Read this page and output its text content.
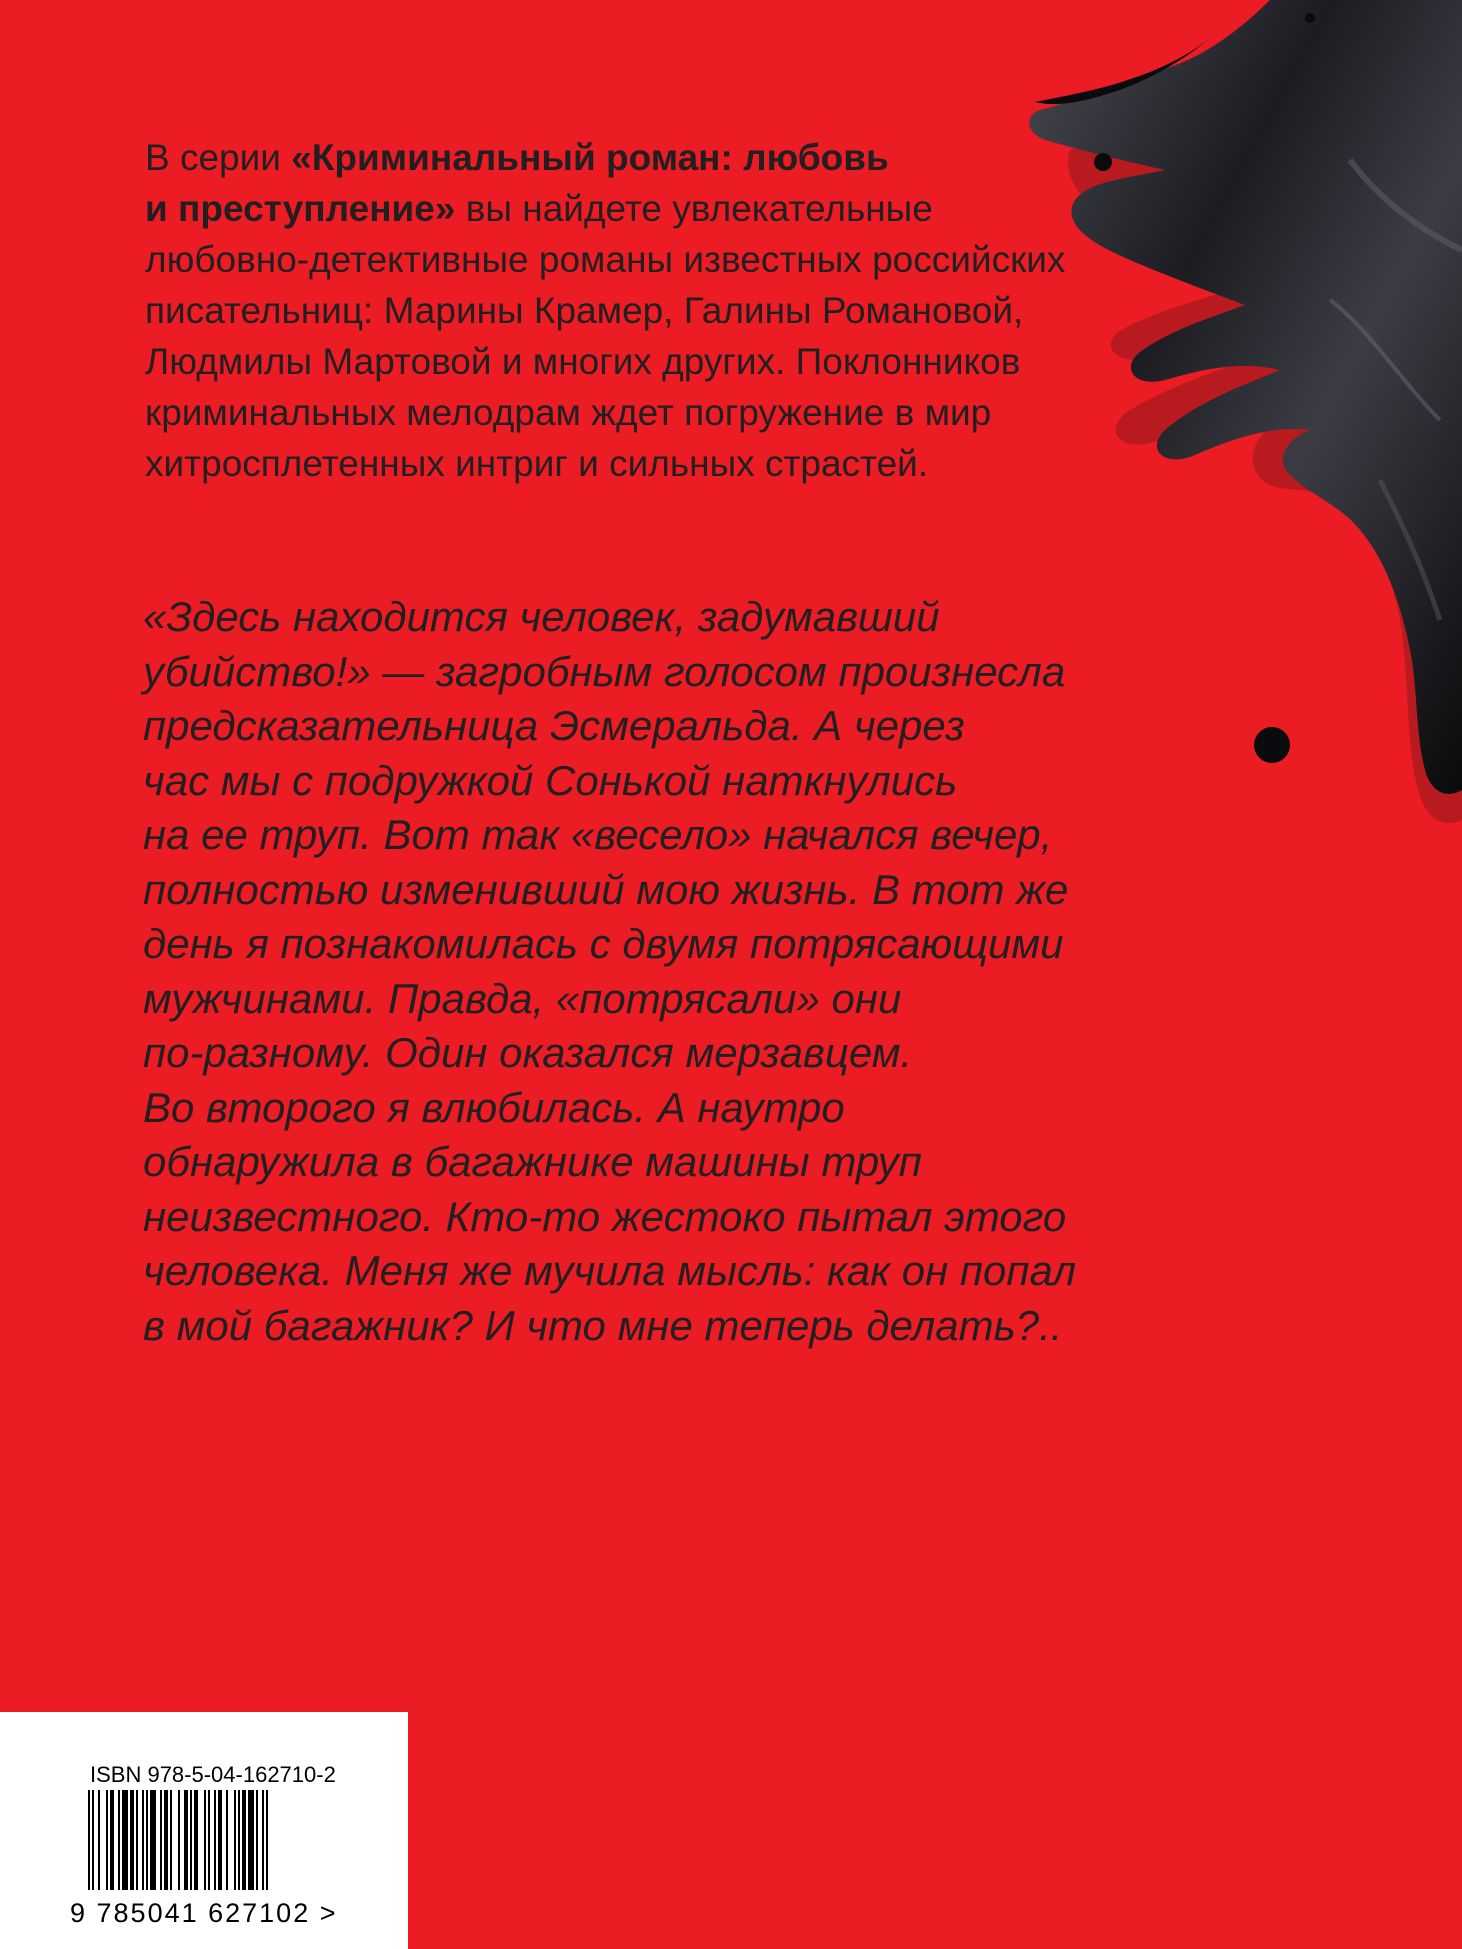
В серии «Криминальный роман: любовь
и преступление» вы найдете увлекательные
любовно-детективные романы известных российских
писательниц: Марины Крамер, Галины Романовой,
Людмилы Мартовой и многих других. Поклонников
криминальных мелодрам ждет погружение в мир
хитросплетенных интриг и сильных страстей.

«Здесь находится человек, задумавший
убийство!» — загробным голосом произнесла
предсказательница Эсмеральда. А через
час мы с подружкой Сонькой наткнулись
на ее труп. Вот так «весело» начался вечер,
полностью изменивший мою жизнь. В тот же
день я познакомилась с двумя потрясающими
мужчинами. Правда, «потрясали» они
по-разному. Один оказался мерзавцем.
Во второго я влюбилась. А наутро
обнаружила в багажнике машины труп
неизвестного. Кто-то жестоко пытал этого
человека. Меня же мучила мысль: как он попал
в мой багажник? И что мне теперь делать?..

ISBN 978-5-04-162710-2
9 785041 627102 >
